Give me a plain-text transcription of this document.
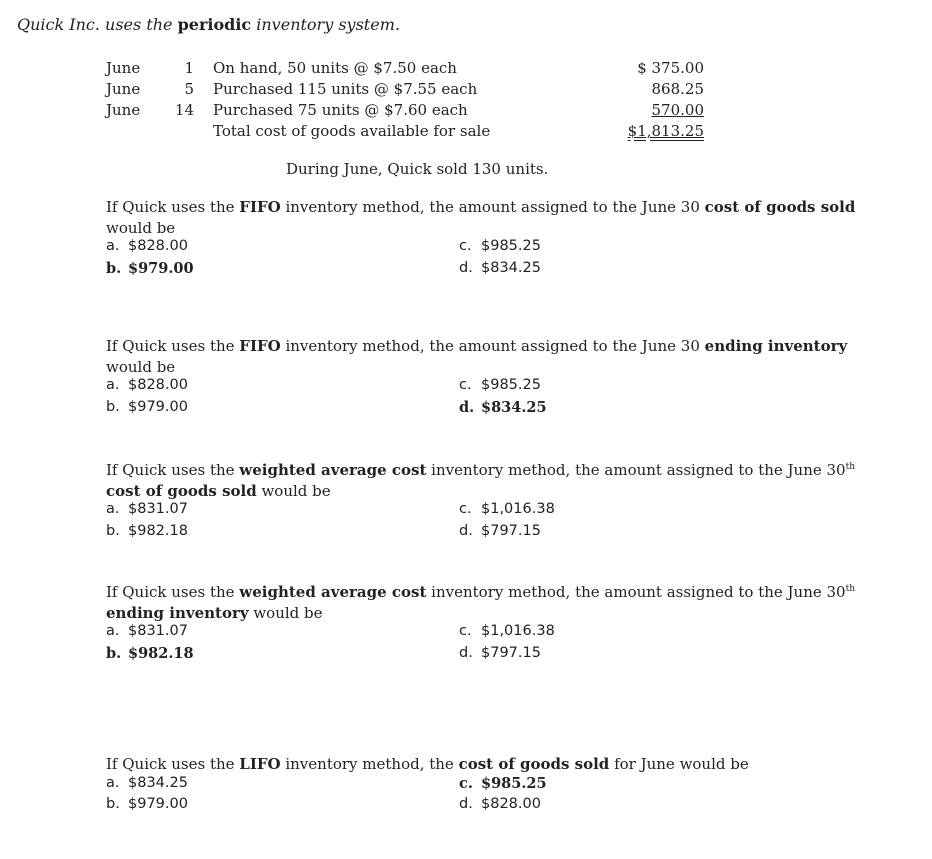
Quick Inc. uses the periodic inventory system.
June	1 On hand, 50 units @ $7.50 each	$ 375.00
June	5 Purchased 115 units @ $7.55 each	868.25
June	14 Purchased 75 units @ $7.60 each	570.00
Total cost of goods available for sale	$1,813.25
During June, Quick sold 130 units.
If Quick uses the FIFO inventory method, the amount assigned to the June 30 cost of goods sold would be
a. $828.00
b. $979.00
c. $985.25
d. $834.25
If Quick uses the FIFO inventory method, the amount assigned to the June 30 ending inventory would be
a. $828.00
b. $979.00
c. $985.25
d. $834.25
If Quick uses the weighted average cost inventory method, the amount assigned to the June 30th cost of goods sold would be
a. $831.07
b. $982.18
c. $1,016.38
d. $797.15
If Quick uses the weighted average cost inventory method, the amount assigned to the June 30th ending inventory would be
a. $831.07
b. $982.18
c. $1,016.38
d. $797.15
If Quick uses the LIFO inventory method, the cost of goods sold for June would be
a. $834.25
b. $979.00
c. $985.25
d. $828.00
